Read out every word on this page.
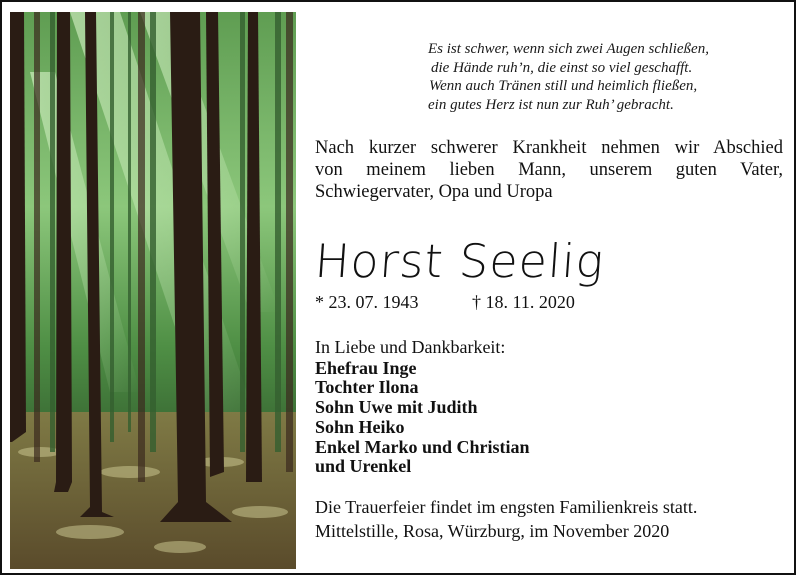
Es ist schwer, wenn sich zwei Augen schließen,
die Hände ruh’n, die einst so viel geschafft.
Wenn auch Tränen still und heimlich fließen,
ein gutes Herz ist nun zur Ruh’ gebracht.
Nach kurzer schwerer Krankheit nehmen wir Abschied
von meinem lieben Mann, unserem guten Vater,
Schwiegervater, Opa und Uropa
Horst Seelig
* 23. 07. 1943	† 18. 11. 2020
In Liebe und Dankbarkeit:
Ehefrau Inge
Tochter Ilona
Sohn Uwe mit Judith
Sohn Heiko
Enkel Marko und Christian
und Urenkel
Die Trauerfeier findet im engsten Familienkreis statt.
Mittelstille, Rosa, Würzburg, im November 2020
